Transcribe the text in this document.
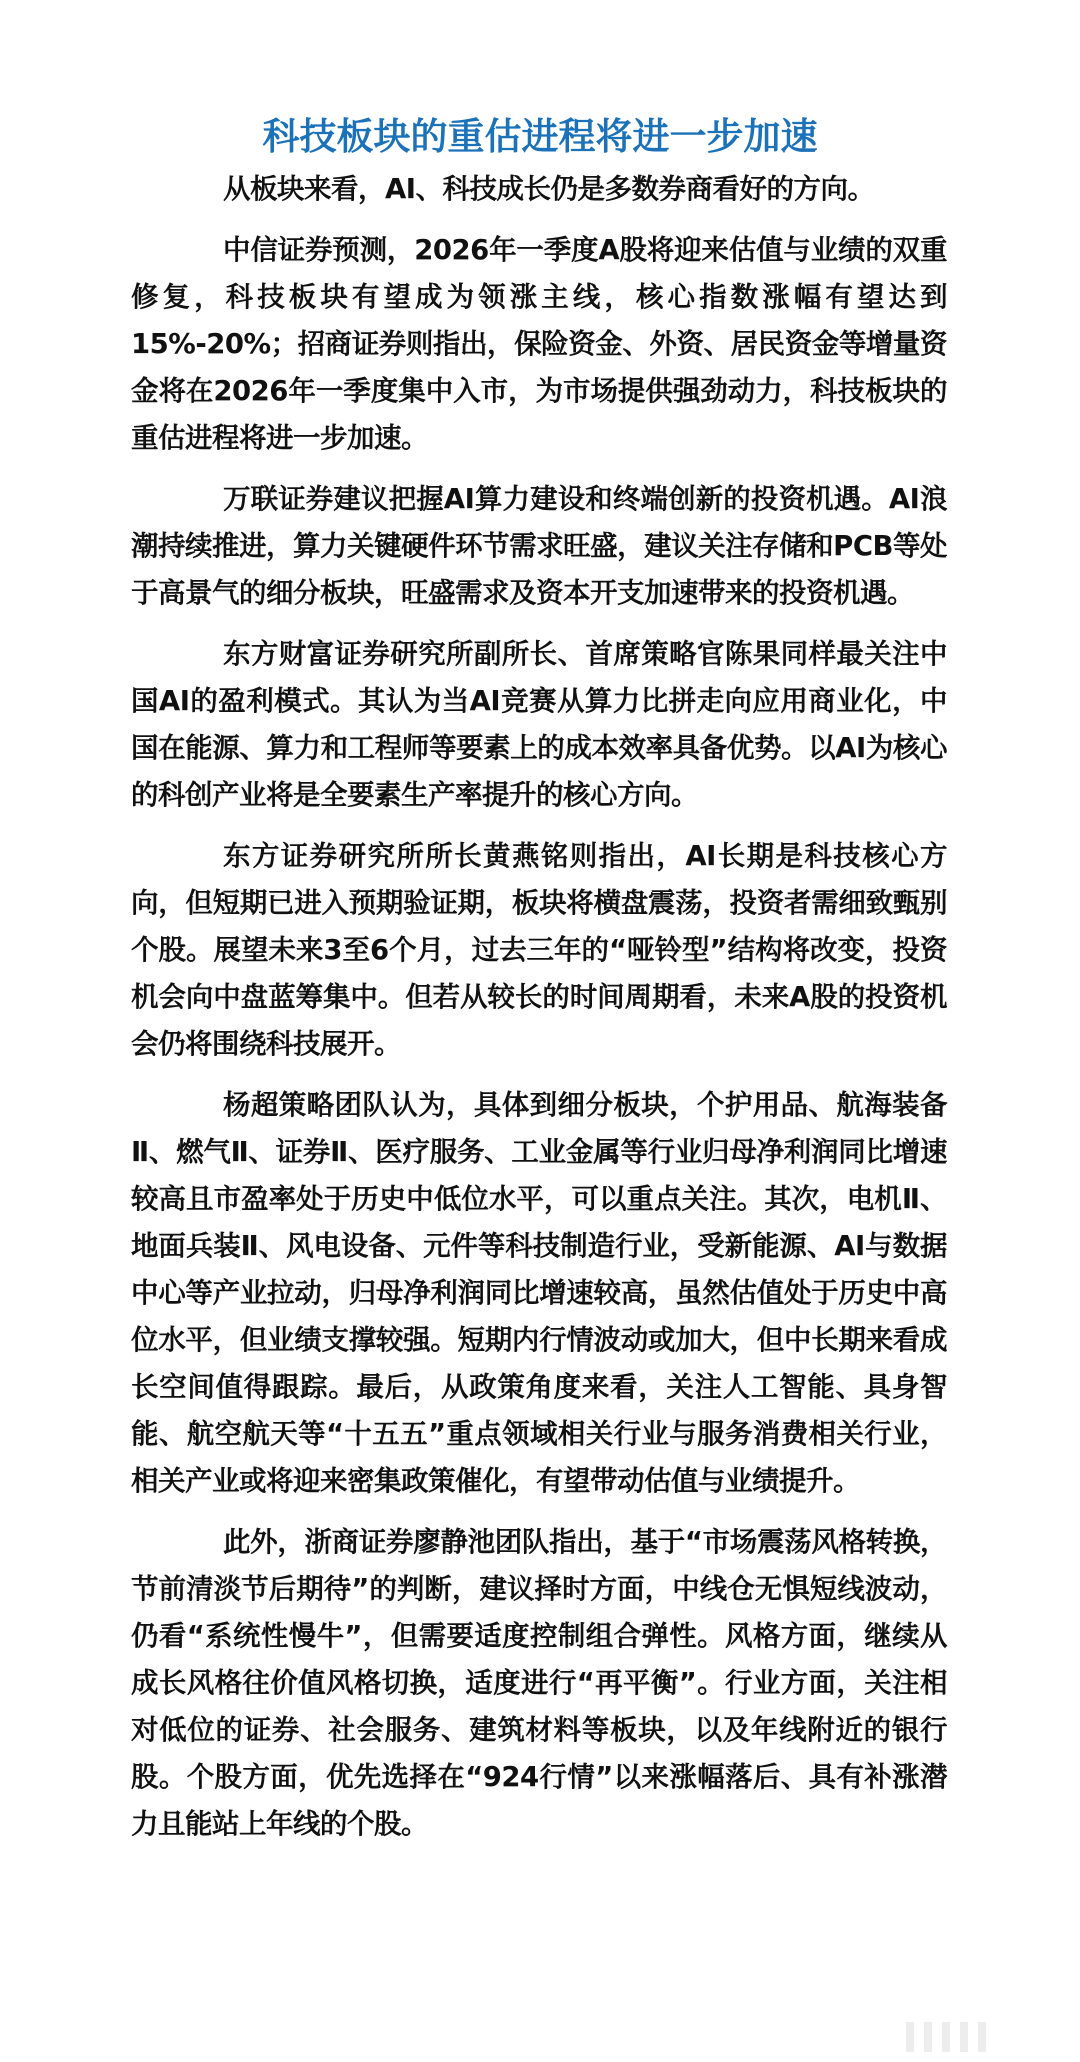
科技板块的重估进程将进一步加速

从板块来看，AI、科技成长仍是多数券商看好的方向。

中信证券预测，2026年一季度A股将迎来估值与业绩的双重修复，科技板块有望成为领涨主线，核心指数涨幅有望达到15%-20%；招商证券则指出，保险资金、外资、居民资金等增量资金将在2026年一季度集中入市，为市场提供强劲动力，科技板块的重估进程将进一步加速。

万联证券建议把握AI算力建设和终端创新的投资机遇。AI浪潮持续推进，算力关键硬件环节需求旺盛，建议关注存储和PCB等处于高景气的细分板块，旺盛需求及资本开支加速带来的投资机遇。

东方财富证券研究所副所长、首席策略官陈果同样最关注中国AI的盈利模式。其认为当AI竞赛从算力比拼走向应用商业化，中国在能源、算力和工程师等要素上的成本效率具备优势。以AI为核心的科创产业将是全要素生产率提升的核心方向。

东方证券研究所所长黄燕铭则指出，AI长期是科技核心方向，但短期已进入预期验证期，板块将横盘震荡，投资者需细致甄别个股。展望未来3至6个月，过去三年的“哑铃型”结构将改变，投资机会向中盘蓝筹集中。但若从较长的时间周期看，未来A股的投资机会仍将围绕科技展开。

杨超策略团队认为，具体到细分板块，个护用品、航海装备Ⅱ、燃气Ⅱ、证券Ⅱ、医疗服务、工业金属等行业归母净利润同比增速较高且市盈率处于历史中低位水平，可以重点关注。其次，电机Ⅱ、地面兵装Ⅱ、风电设备、元件等科技制造行业，受新能源、AI与数据中心等产业拉动，归母净利润同比增速较高，虽然估值处于历史中高位水平，但业绩支撑较强。短期内行情波动或加大，但中长期来看成长空间值得跟踪。最后，从政策角度来看，关注人工智能、具身智能、航空航天等“十五五”重点领域相关行业与服务消费相关行业，相关产业或将迎来密集政策催化，有望带动估值与业绩提升。

此外，浙商证券廖静池团队指出，基于“市场震荡风格转换，节前清淡节后期待”的判断，建议择时方面，中线仓无惧短线波动，仍看“系统性慢牛”，但需要适度控制组合弹性。风格方面，继续从成长风格往价值风格切换，适度进行“再平衡”。行业方面，关注相对低位的证券、社会服务、建筑材料等板块，以及年线附近的银行股。个股方面，优先选择在“924行情”以来涨幅落后、具有补涨潜力且能站上年线的个股。
